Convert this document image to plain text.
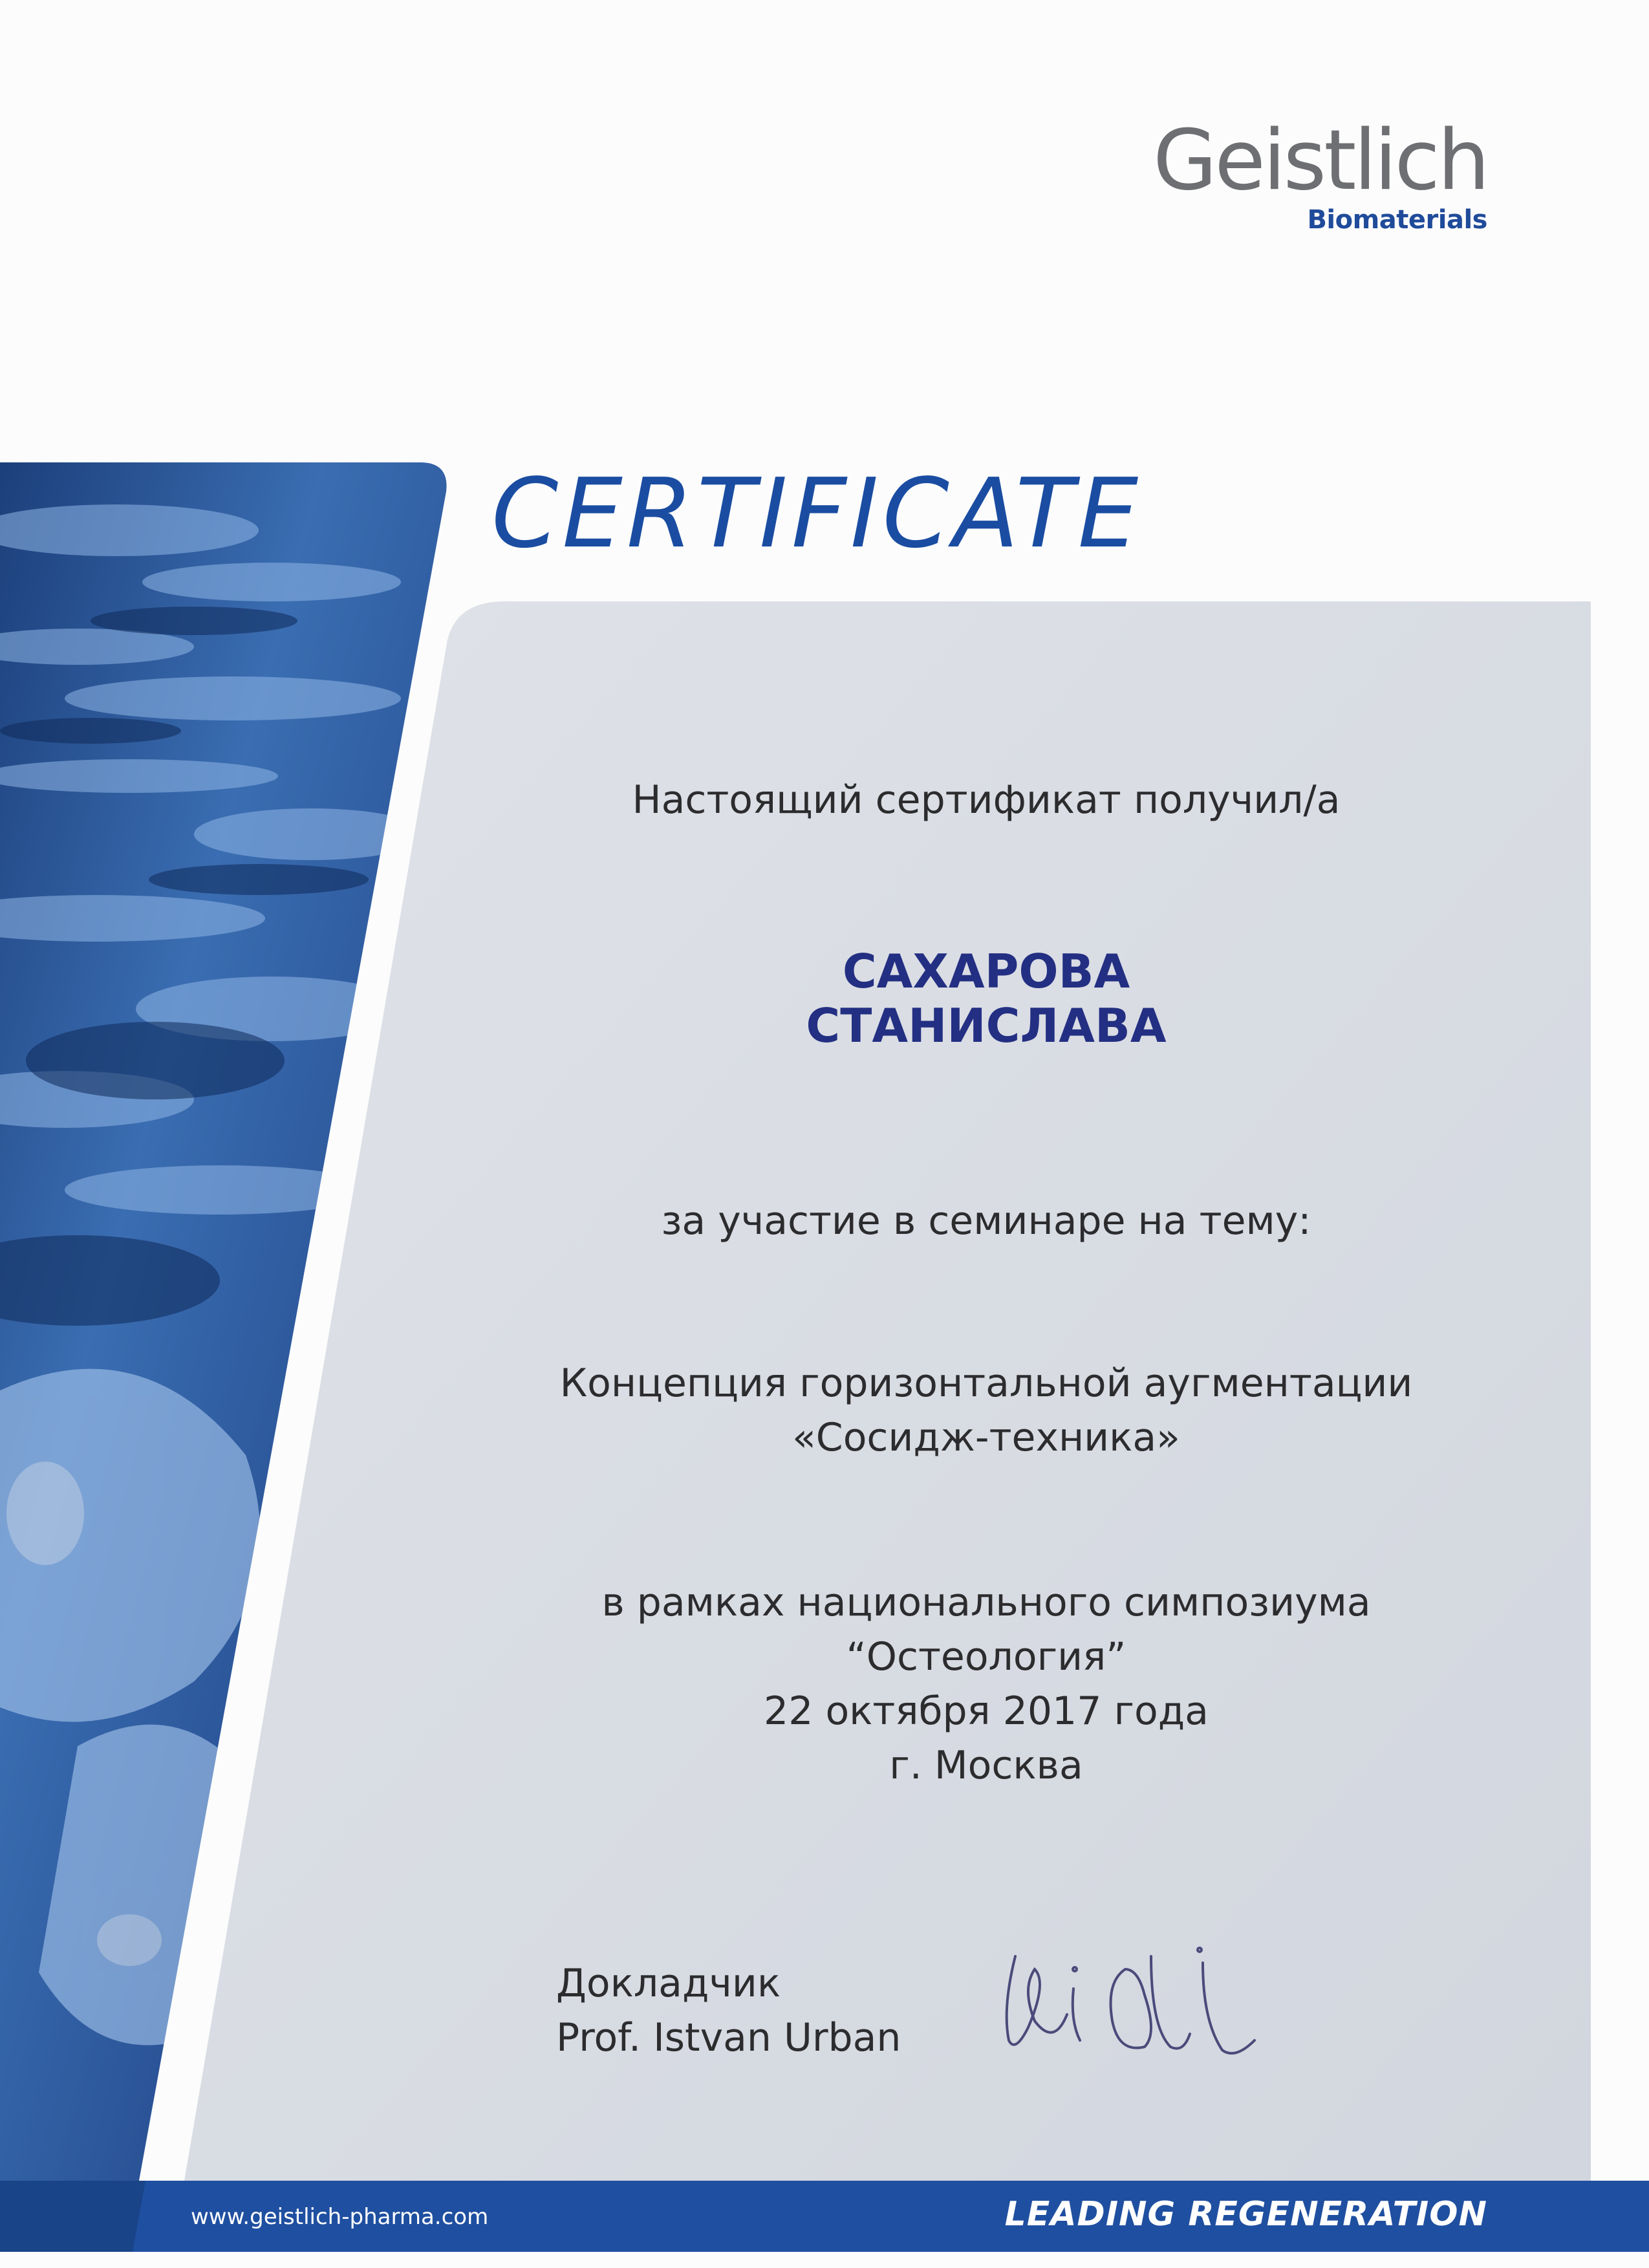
Geistlich
Biomaterials
CERTIFICATE
Настоящий сертификат получил/а
САХАРОВА
СТАНИСЛАВА
за участие в семинаре на тему:
Концепция горизонтальной аугментации
«Сосидж-техника»
в рамках национального симпозиума
“Остеология”
22 октября 2017 года
г. Москва
Докладчик
Prof. Istvan Urban
www.geistlich-pharma.com	LEADING REGENERATION
